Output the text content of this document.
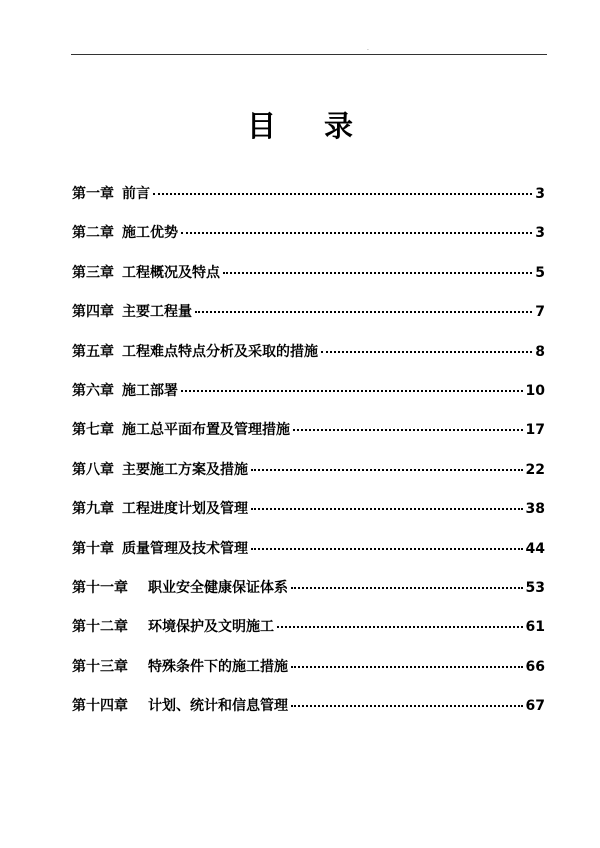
.
目录
第一章 前言	3
第二章 施工优势	3
第三章 工程概况及特点	5
第四章 主要工程量	7
第五章 工程难点特点分析及采取的措施	8
第六章 施工部署	10
第七章 施工总平面布置及管理措施	17
第八章 主要施工方案及措施	22
第九章 工程进度计划及管理	38
第十章 质量管理及技术管理	44
第十一章 职业安全健康保证体系	53
第十二章 环境保护及文明施工	61
第十三章 特殊条件下的施工措施	66
第十四章 计划、统计和信息管理	67
